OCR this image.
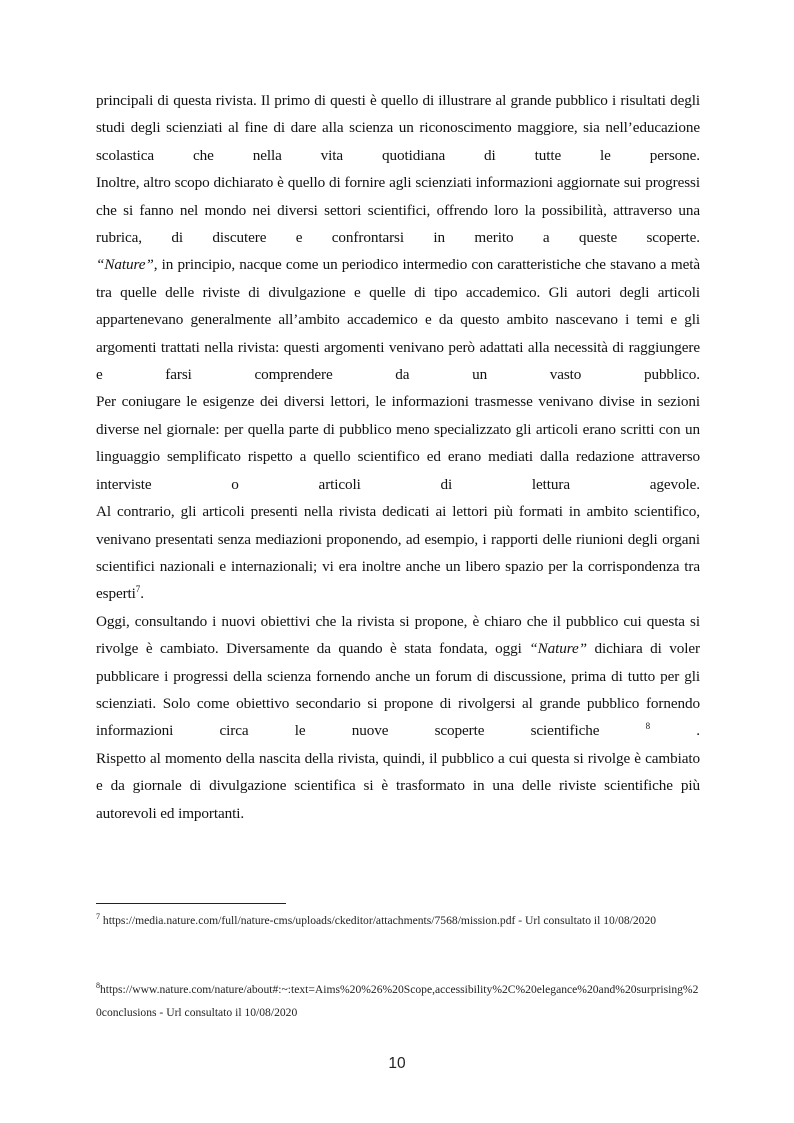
principali di questa rivista. Il primo di questi è quello di illustrare al grande pubblico i risultati degli studi degli scienziati al fine di dare alla scienza un riconoscimento maggiore, sia nell’educazione scolastica che nella vita quotidiana di tutte le persone.
Inoltre, altro scopo dichiarato è quello di fornire agli scienziati informazioni aggiornate sui progressi che si fanno nel mondo nei diversi settori scientifici, offrendo loro la possibilità, attraverso una rubrica, di discutere e confrontarsi in merito a queste scoperte.
“Nature”, in principio, nacque come un periodico intermedio con caratteristiche che stavano a metà tra quelle delle riviste di divulgazione e quelle di tipo accademico. Gli autori degli articoli appartenevano generalmente all’ambito accademico e da questo ambito nascevano i temi e gli argomenti trattati nella rivista: questi argomenti venivano però adattati alla necessità di raggiungere e farsi comprendere da un vasto pubblico.
Per coniugare le esigenze dei diversi lettori, le informazioni trasmesse venivano divise in sezioni diverse nel giornale: per quella parte di pubblico meno specializzato gli articoli erano scritti con un linguaggio semplificato rispetto a quello scientifico ed erano mediati dalla redazione attraverso interviste o articoli di lettura agevole.
Al contrario, gli articoli presenti nella rivista dedicati ai lettori più formati in ambito scientifico, venivano presentati senza mediazioni proponendo, ad esempio, i rapporti delle riunioni degli organi scientifici nazionali e internazionali; vi era inoltre anche un libero spazio per la corrispondenza tra esperti$^7$.
Oggi, consultando i nuovi obiettivi che la rivista si propone, è chiaro che il pubblico cui questa si rivolge è cambiato. Diversamente da quando è stata fondata, oggi “Nature” dichiara di voler pubblicare i progressi della scienza fornendo anche un forum di discussione, prima di tutto per gli scienziati. Solo come obiettivo secondario si propone di rivolgersi al grande pubblico fornendo informazioni circa le nuove scoperte scientifiche $^8$ .
Rispetto al momento della nascita della rivista, quindi, il pubblico a cui questa si rivolge è cambiato e da giornale di divulgazione scientifica si è trasformato in una delle riviste scientifiche più autorevoli ed importanti.
$^7$ https://media.nature.com/full/nature-cms/uploads/ckeditor/attachments/7568/mission.pdf - Url consultato il 10/08/2020
$^8$https://www.nature.com/nature/about#:~:text=Aims%20%26%20Scope,accessibility%2C%20elegance%20and%20surprising%20conclusions - Url consultato il 10/08/2020
10
